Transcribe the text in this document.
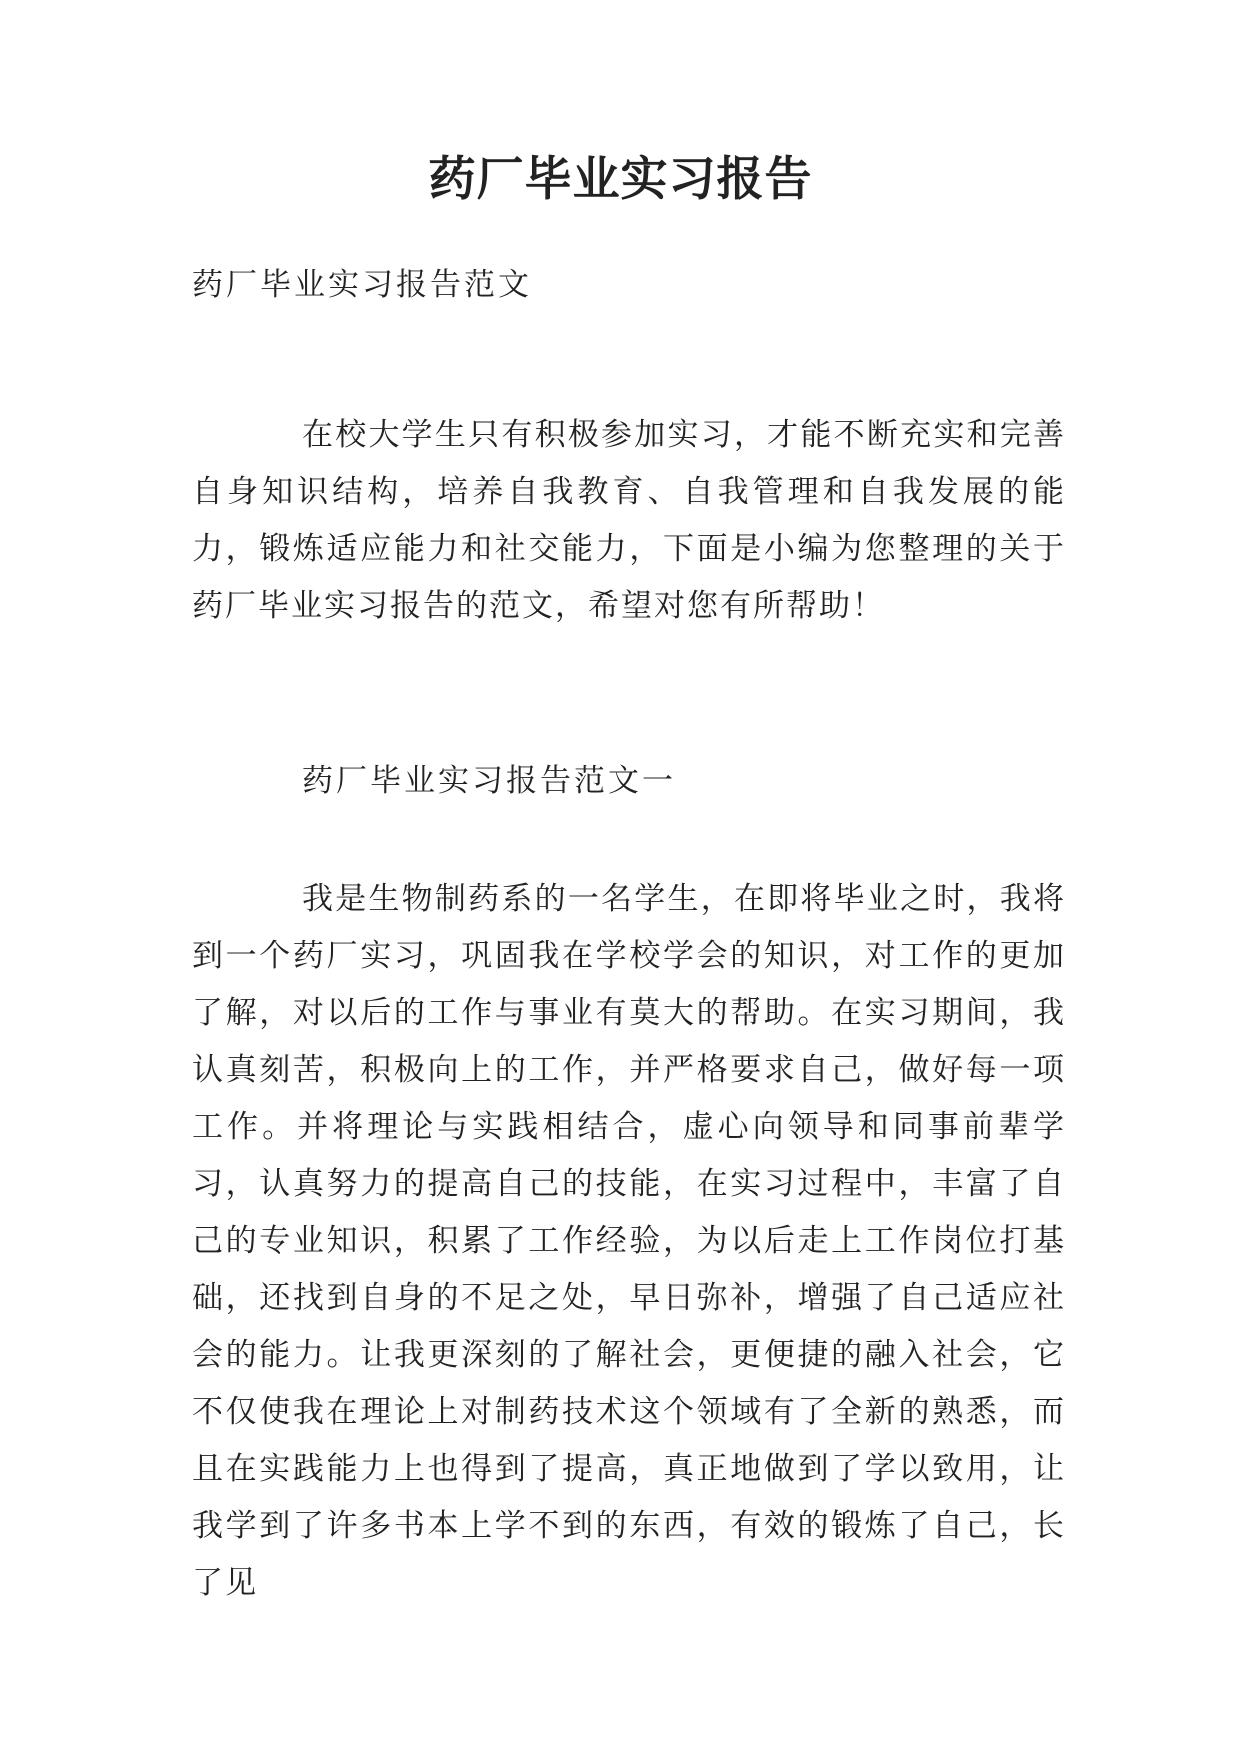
药厂毕业实习报告
药厂毕业实习报告范文

在校大学生只有积极参加实习，才能不断充实和完善自身知识结构，培养自我教育、自我管理和自我发展的能力，锻炼适应能力和社交能力，下面是小编为您整理的关于药厂毕业实习报告的范文，希望对您有所帮助！

药厂毕业实习报告范文一

我是生物制药系的一名学生，在即将毕业之时，我将到一个药厂实习，巩固我在学校学会的知识，对工作的更加了解，对以后的工作与事业有莫大的帮助。在实习期间，我认真刻苦，积极向上的工作，并严格要求自己，做好每一项工作。并将理论与实践相结合，虚心向领导和同事前辈学习，认真努力的提高自己的技能，在实习过程中，丰富了自己的专业知识，积累了工作经验，为以后走上工作岗位打基础，还找到自身的不足之处，早日弥补，增强了自己适应社会的能力。让我更深刻的了解社会，更便捷的融入社会，它不仅使我在理论上对制药技术这个领域有了全新的熟悉，而且在实践能力上也得到了提高，真正地做到了学以致用，让我学到了许多书本上学不到的东西，有效的锻炼了自己，长了见
